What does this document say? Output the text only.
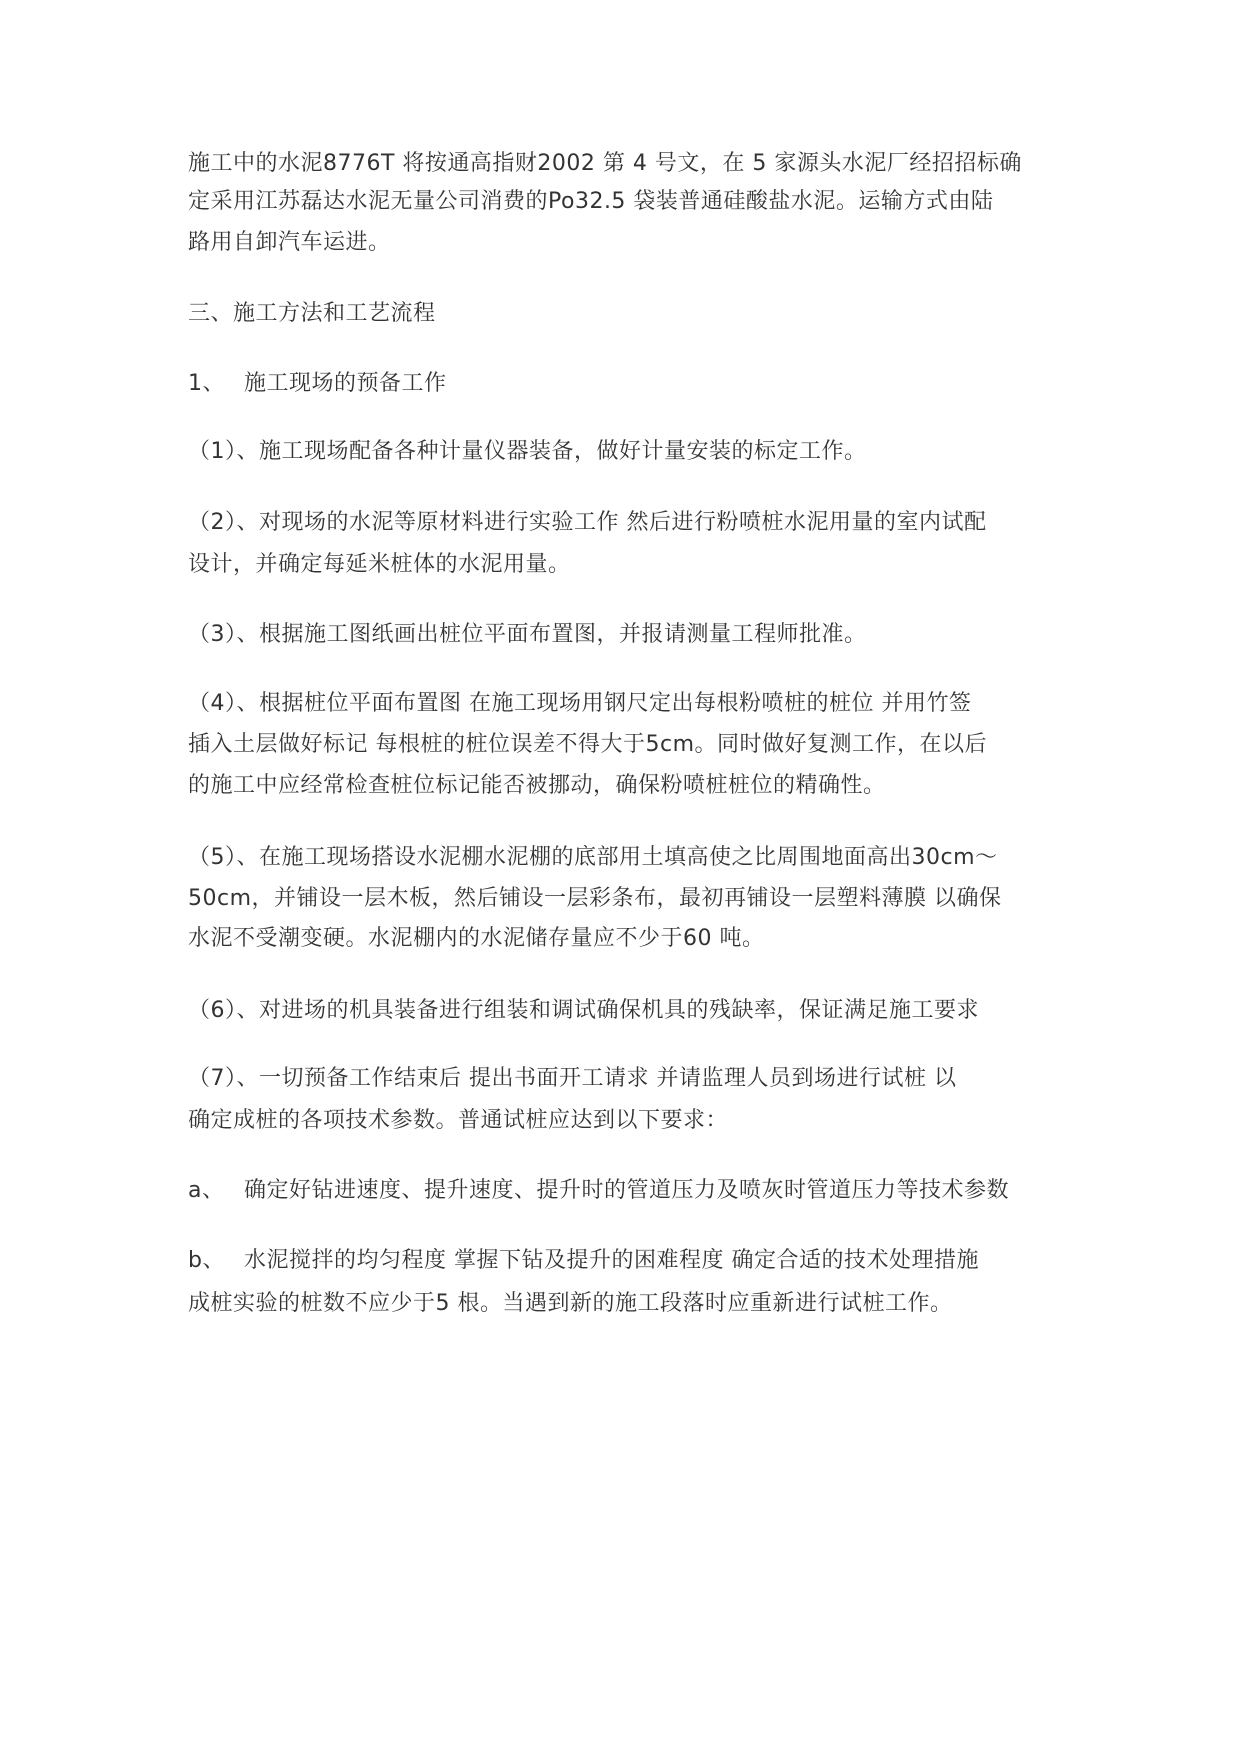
施工中的水泥8776T 将按通高指财2002 第 4 号文，在 5 家源头水泥厂经招招标确
定采用江苏磊达水泥无量公司消费的Po32.5 袋装普通硅酸盐水泥。运输方式由陆
路用自卸汽车运进。
三、施工方法和工艺流程
1、 施工现场的预备工作
（1）、施工现场配备各种计量仪器装备，做好计量安装的标定工作。
（2）、对现场的水泥等原材料进行实验工作 然后进行粉喷桩水泥用量的室内试配
设计，并确定每延米桩体的水泥用量。
（3）、根据施工图纸画出桩位平面布置图，并报请测量工程师批准。
（4）、根据桩位平面布置图 在施工现场用钢尺定出每根粉喷桩的桩位 并用竹签
插入土层做好标记 每根桩的桩位误差不得大于5cm。同时做好复测工作，在以后
的施工中应经常检查桩位标记能否被挪动，确保粉喷桩桩位的精确性。
（5）、在施工现场搭设水泥棚水泥棚的底部用土填高使之比周围地面高出30cm～
50cm，并铺设一层木板，然后铺设一层彩条布，最初再铺设一层塑料薄膜 以确保
水泥不受潮变硬。水泥棚内的水泥储存量应不少于60 吨。
（6）、对进场的机具装备进行组装和调试确保机具的残缺率，保证满足施工要求
（7）、一切预备工作结束后 提出书面开工请求 并请监理人员到场进行试桩 以
确定成桩的各项技术参数。普通试桩应达到以下要求：
a、 确定好钻进速度、提升速度、提升时的管道压力及喷灰时管道压力等技术参数
b、 水泥搅拌的均匀程度 掌握下钻及提升的困难程度 确定合适的技术处理措施
成桩实验的桩数不应少于5 根。当遇到新的施工段落时应重新进行试桩工作。
